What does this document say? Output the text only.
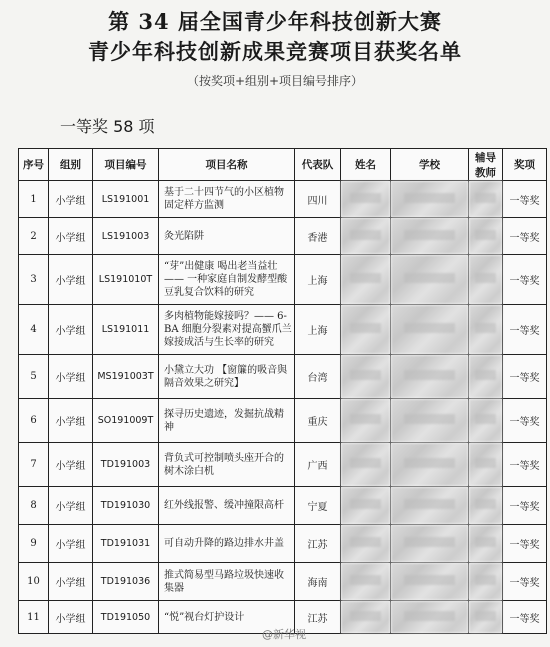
第 34 届全国青少年科技创新大赛
青少年科技创新成果竞赛项目获奖名单
（按奖项+组别+项目编号排序）
一等奖 58 项
序号	组别	项目编号	项目名称	代表队	姓名	学校	辅导教师	奖项
1	小学组	LS191001	基于二十四节气的小区植物固定样方监测	四川				一等奖
2	小学组	LS191003	灸光陷阱	香港				一等奖
3	小学组	LS191010T	“芽”出健康 喝出老当益壮—— 一种家庭自制发酵型酸豆乳复合饮料的研究	上海				一等奖
4	小学组	LS191011	多肉植物能嫁接吗？—— 6-BA 细胞分裂素对提高蟹爪兰嫁接成活与生长率的研究	上海				一等奖
5	小学组	MS191003T	小黛立大功 【窗簾的吸音與隔音效果之研究】	台湾				一等奖
6	小学组	SO191009T	探寻历史遗迹，发掘抗战精神	重庆				一等奖
7	小学组	TD191003	背负式可控制喷头座开合的树木涂白机	广西				一等奖
8	小学组	TD191030	红外线报警、缓冲撞限高杆	宁夏				一等奖
9	小学组	TD191031	可自动升降的路边排水井盖	江苏				一等奖
10	小学组	TD191036	推式简易型马路垃圾快速收集器	海南				一等奖
11	小学组	TD191050	“悦”视台灯护设计	江苏				一等奖
@新华视
